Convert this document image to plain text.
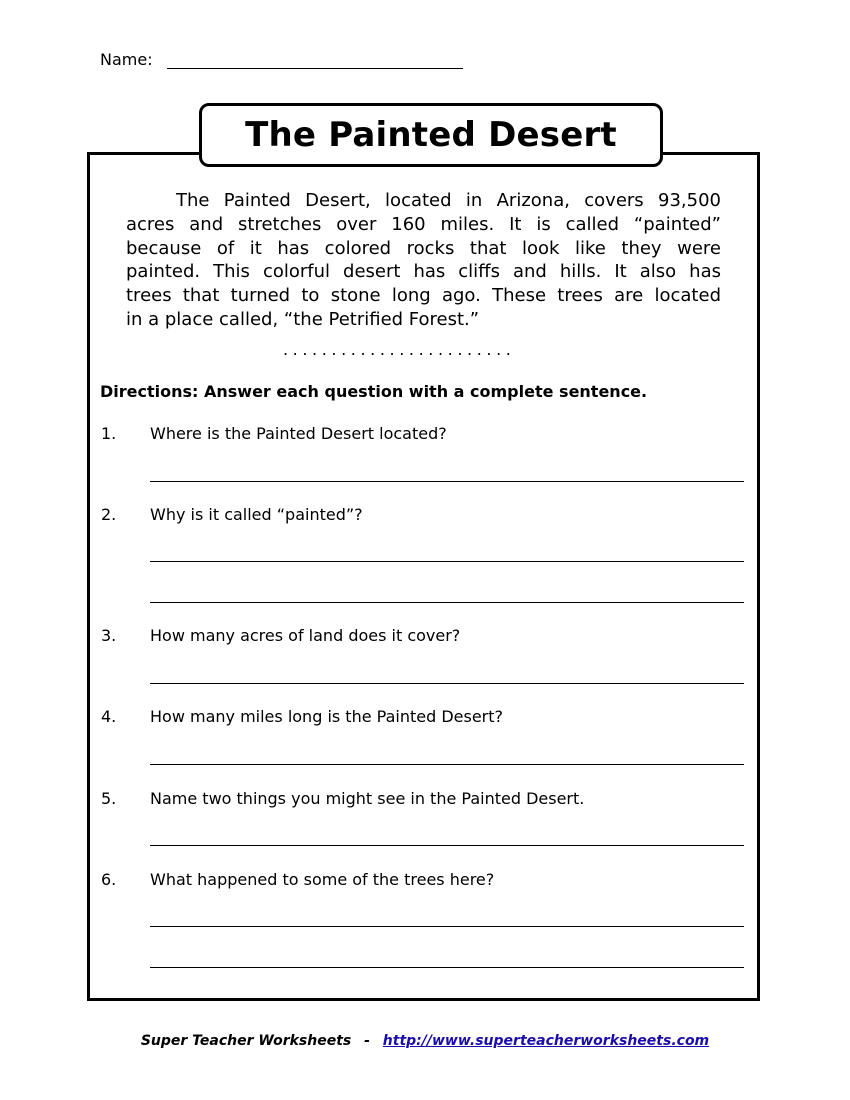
Name:
The Painted Desert
The Painted Desert, located in Arizona, covers 93,500
acres and stretches over 160 miles. It is called “painted”
because of it has colored rocks that look like they were
painted. This colorful desert has cliffs and hills. It also has
trees that turned to stone long ago. These trees are located
in a place called, “the Petrified Forest.”
........................
Directions: Answer each question with a complete sentence.
1. Where is the Painted Desert located?
2. Why is it called “painted”?
3. How many acres of land does it cover?
4. How many miles long is the Painted Desert?
5. Name two things you might see in the Painted Desert.
6. What happened to some of the trees here?
Super Teacher Worksheets - http://www.superteacherworksheets.com
